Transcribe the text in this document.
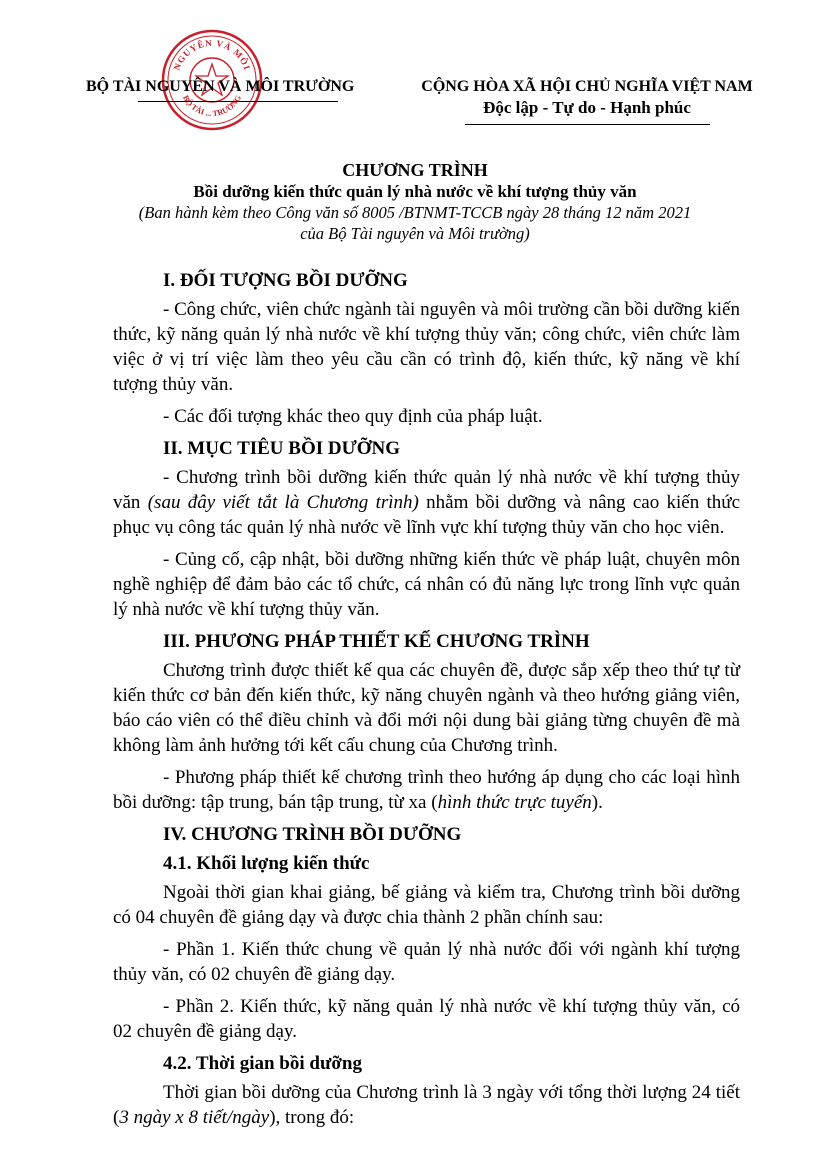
NGUYÊN VÀ MÔI
BỘ TÀI ... TRƯỜNG
BỘ TÀI NGUYÊN VÀ MÔI TRƯỜNG	CỘNG HÒA XÃ HỘI CHỦ NGHĨA VIỆT NAM
Độc lập - Tự do - Hạnh phúc
CHƯƠNG TRÌNH
Bồi dưỡng kiến thức quản lý nhà nước về khí tượng thủy văn
(Ban hành kèm theo Công văn số 8005 /BTNMT-TCCB ngày 28 tháng 12 năm 2021
của Bộ Tài nguyên và Môi trường)
I. ĐỐI TƯỢNG BỒI DƯỠNG

- Công chức, viên chức ngành tài nguyên và môi trường cần bồi dưỡng kiến thức, kỹ năng quản lý nhà nước về khí tượng thủy văn; công chức, viên chức làm việc ở vị trí việc làm theo yêu cầu cần có trình độ, kiến thức, kỹ năng về khí tượng thủy văn.

- Các đối tượng khác theo quy định của pháp luật.

II. MỤC TIÊU BỒI DƯỠNG

- Chương trình bồi dưỡng kiến thức quản lý nhà nước về khí tượng thủy văn (sau đây viết tắt là Chương trình) nhằm bồi dưỡng và nâng cao kiến thức phục vụ công tác quản lý nhà nước về lĩnh vực khí tượng thủy văn cho học viên.

- Củng cố, cập nhật, bồi dưỡng những kiến thức về pháp luật, chuyên môn nghề nghiệp để đảm bảo các tổ chức, cá nhân có đủ năng lực trong lĩnh vực quản lý nhà nước về khí tượng thủy văn.

III. PHƯƠNG PHÁP THIẾT KẾ CHƯƠNG TRÌNH

Chương trình được thiết kế qua các chuyên đề, được sắp xếp theo thứ tự từ kiến thức cơ bản đến kiến thức, kỹ năng chuyên ngành và theo hướng giảng viên, báo cáo viên có thể điều chỉnh và đổi mới nội dung bài giảng từng chuyên đề mà không làm ảnh hưởng tới kết cấu chung của Chương trình.

- Phương pháp thiết kế chương trình theo hướng áp dụng cho các loại hình bồi dưỡng: tập trung, bán tập trung, từ xa (hình thức trực tuyến).

IV. CHƯƠNG TRÌNH BỒI DƯỠNG
4.1. Khối lượng kiến thức

Ngoài thời gian khai giảng, bế giảng và kiểm tra, Chương trình bồi dưỡng có 04 chuyên đề giảng dạy và được chia thành 2 phần chính sau:

- Phần 1. Kiến thức chung về quản lý nhà nước đối với ngành khí tượng thủy văn, có 02 chuyên đề giảng dạy.

- Phần 2. Kiến thức, kỹ năng quản lý nhà nước về khí tượng thủy văn, có 02 chuyên đề giảng dạy.

4.2. Thời gian bồi dưỡng

Thời gian bồi dưỡng của Chương trình là 3 ngày với tổng thời lượng 24 tiết (3 ngày x 8 tiết/ngày), trong đó:
